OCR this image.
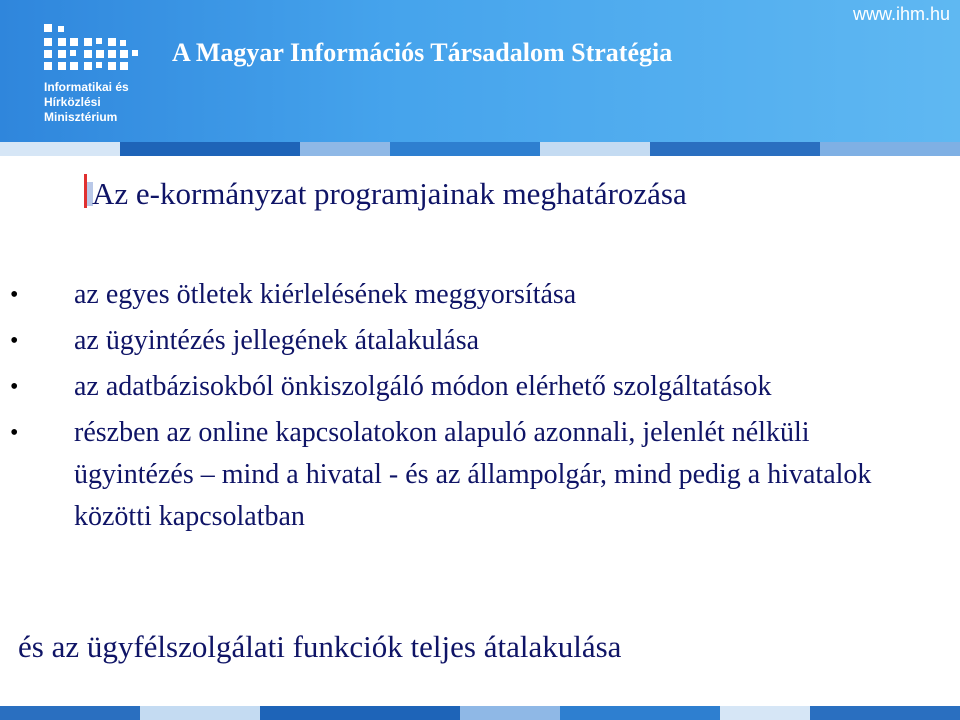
Informatikai és
Hírközlési
Minisztérium
A Magyar Információs Társadalom Stratégia
www.ihm.hu
Az e-kormányzat programjainak meghatározása
• az egyes ötletek kiérlelésének meggyorsítása
• az ügyintézés jellegének átalakulása
• az adatbázisokból önkiszolgáló módon elérhető szolgáltatások
• részben az online kapcsolatokon alapuló azonnali, jelenlét nélküli ügyintézés – mind a hivatal - és az állampolgár, mind pedig a hivatalok közötti kapcsolatban
és az ügyfélszolgálati funkciók teljes átalakulása
